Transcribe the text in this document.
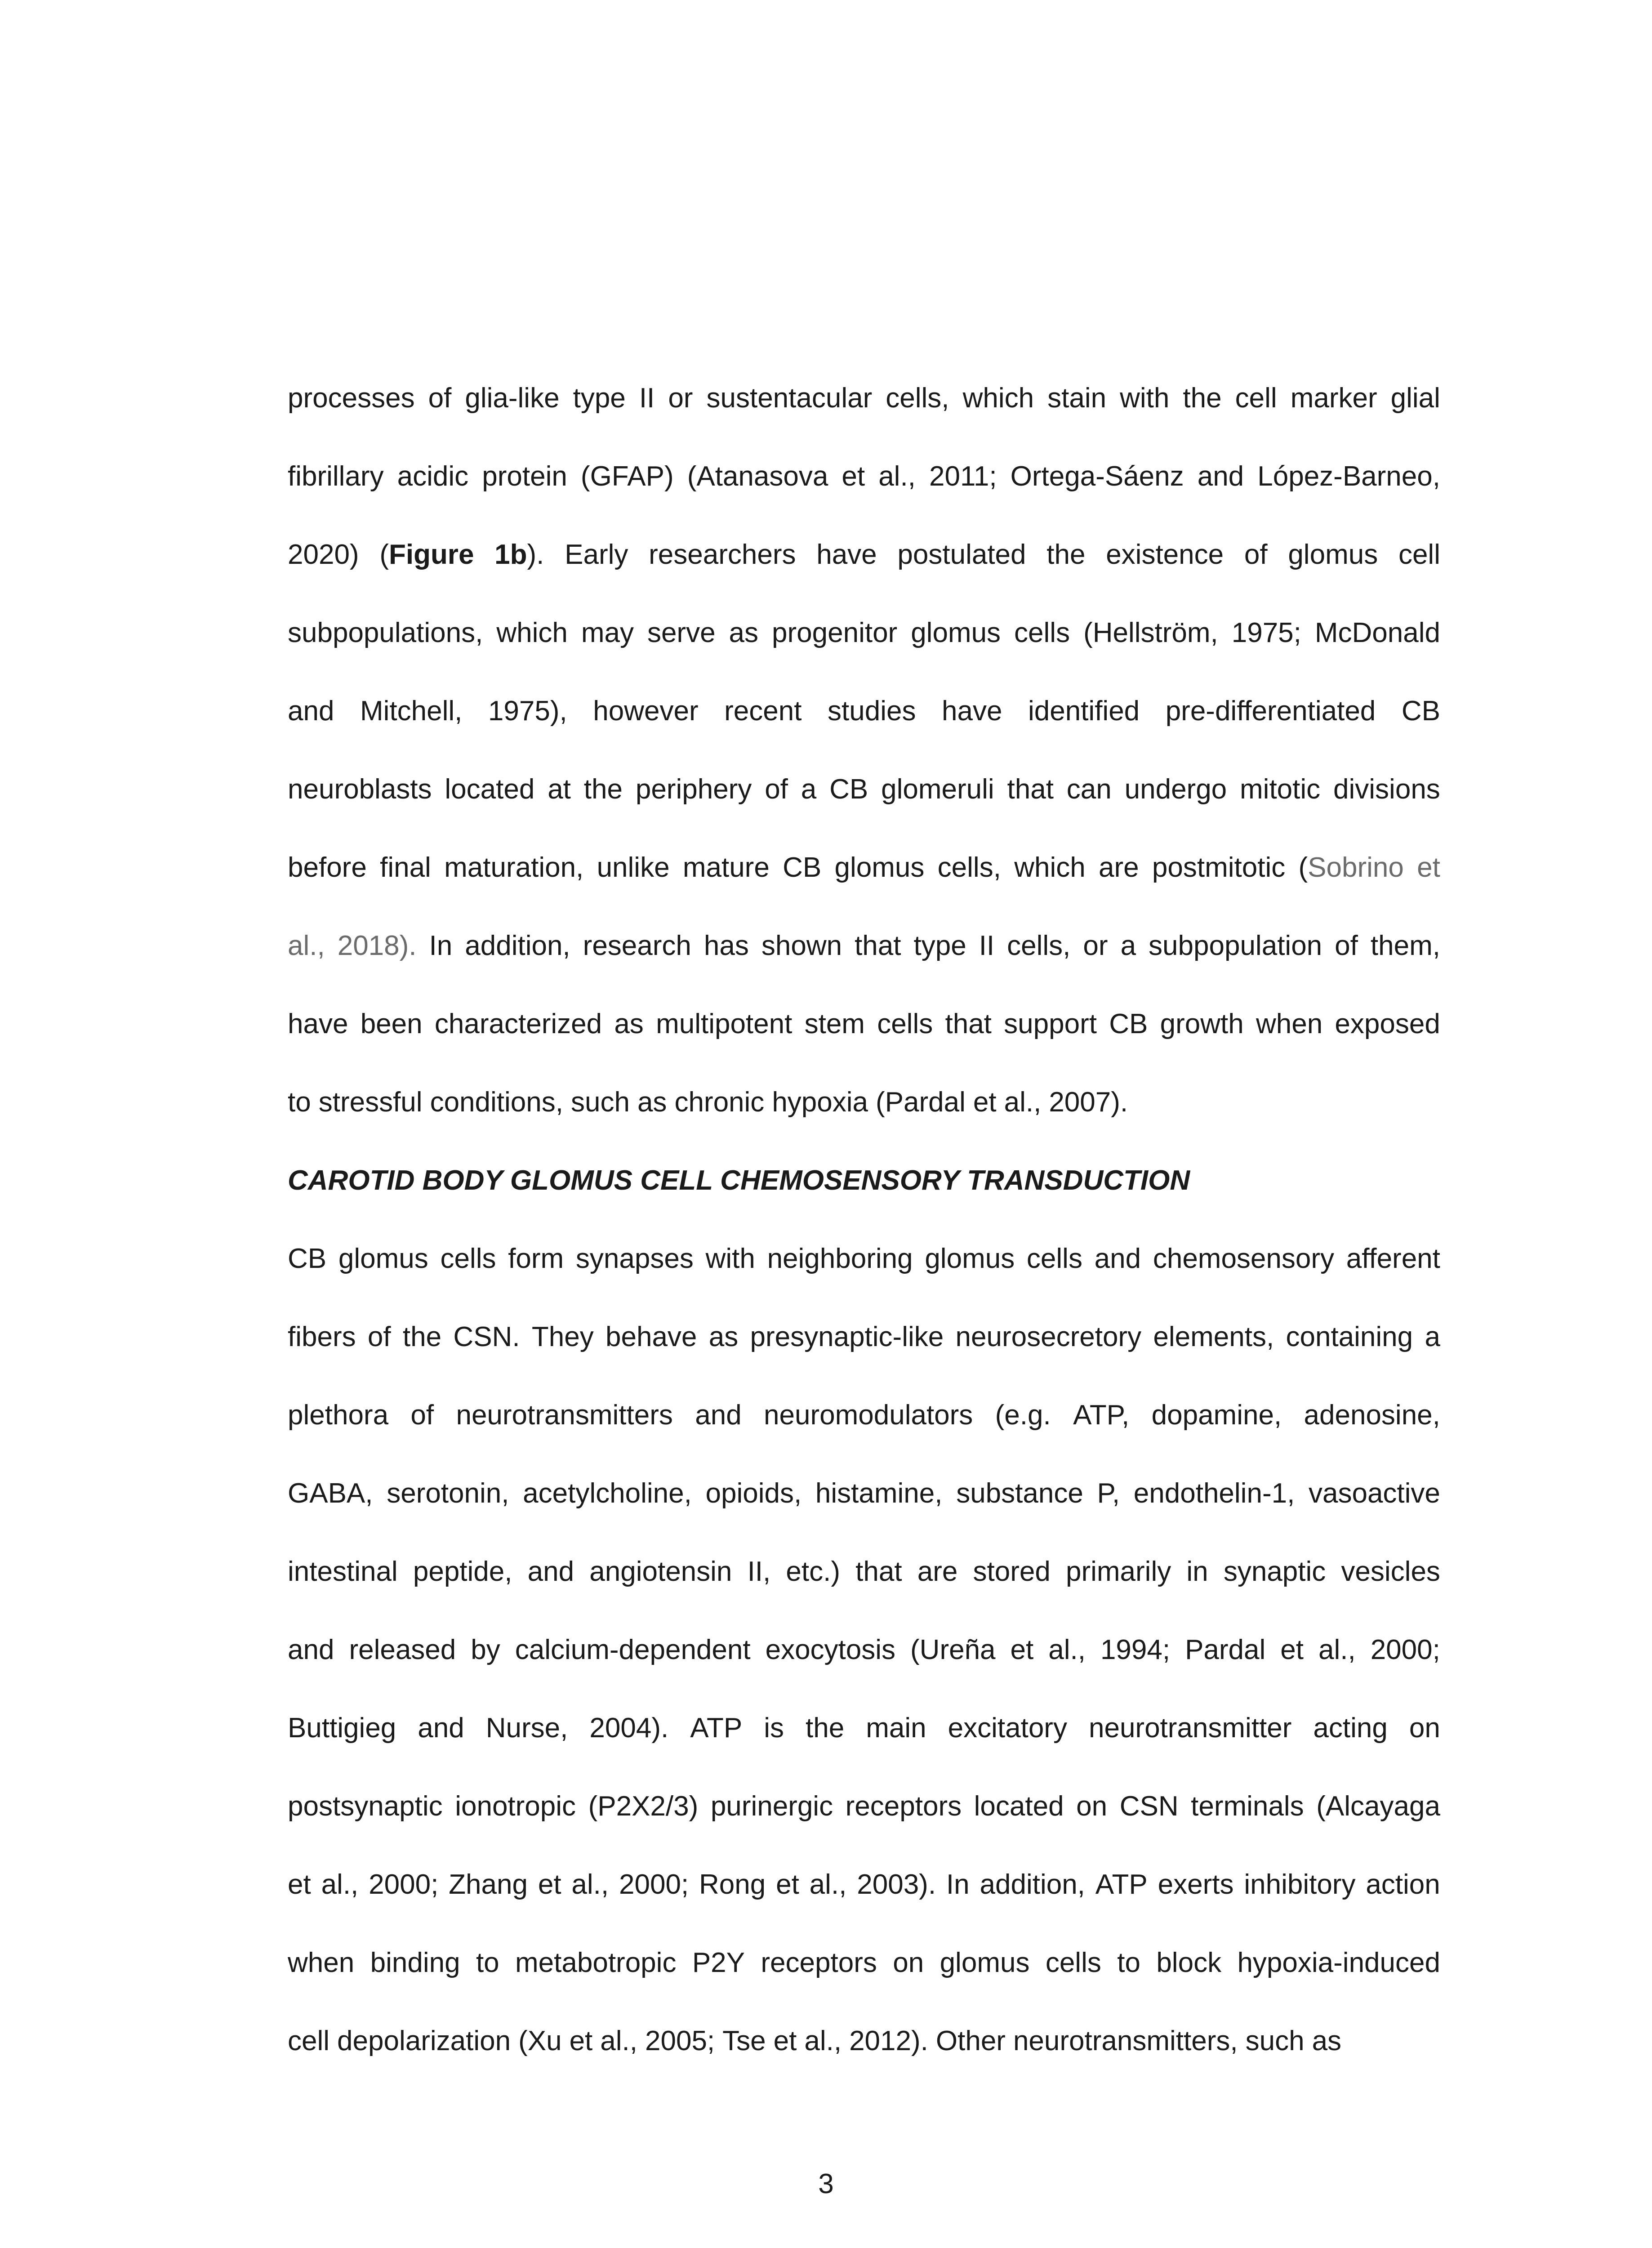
processes of glia-like type II or sustentacular cells, which stain with the cell marker glial
fibrillary acidic protein (GFAP) (Atanasova et al., 2011; Ortega-Sáenz and López-Barneo,
2020) (Figure 1b). Early researchers have postulated the existence of glomus cell
subpopulations, which may serve as progenitor glomus cells (Hellström, 1975; McDonald
and Mitchell, 1975), however recent studies have identified pre-differentiated CB
neuroblasts located at the periphery of a CB glomeruli that can undergo mitotic divisions
before final maturation, unlike mature CB glomus cells, which are postmitotic (Sobrino et
al., 2018). In addition, research has shown that type II cells, or a subpopulation of them,
have been characterized as multipotent stem cells that support CB growth when exposed
to stressful conditions, such as chronic hypoxia (Pardal et al., 2007).
CAROTID BODY GLOMUS CELL CHEMOSENSORY TRANSDUCTION
CB glomus cells form synapses with neighboring glomus cells and chemosensory afferent
fibers of the CSN. They behave as presynaptic-like neurosecretory elements, containing a
plethora of neurotransmitters and neuromodulators (e.g. ATP, dopamine, adenosine,
GABA, serotonin, acetylcholine, opioids, histamine, substance P, endothelin-1, vasoactive
intestinal peptide, and angiotensin II, etc.) that are stored primarily in synaptic vesicles
and released by calcium-dependent exocytosis (Ureña et al., 1994; Pardal et al., 2000;
Buttigieg and Nurse, 2004). ATP is the main excitatory neurotransmitter acting on
postsynaptic ionotropic (P2X2/3) purinergic receptors located on CSN terminals (Alcayaga
et al., 2000; Zhang et al., 2000; Rong et al., 2003). In addition, ATP exerts inhibitory action
when binding to metabotropic P2Y receptors on glomus cells to block hypoxia-induced
cell depolarization (Xu et al., 2005; Tse et al., 2012). Other neurotransmitters, such as
3
